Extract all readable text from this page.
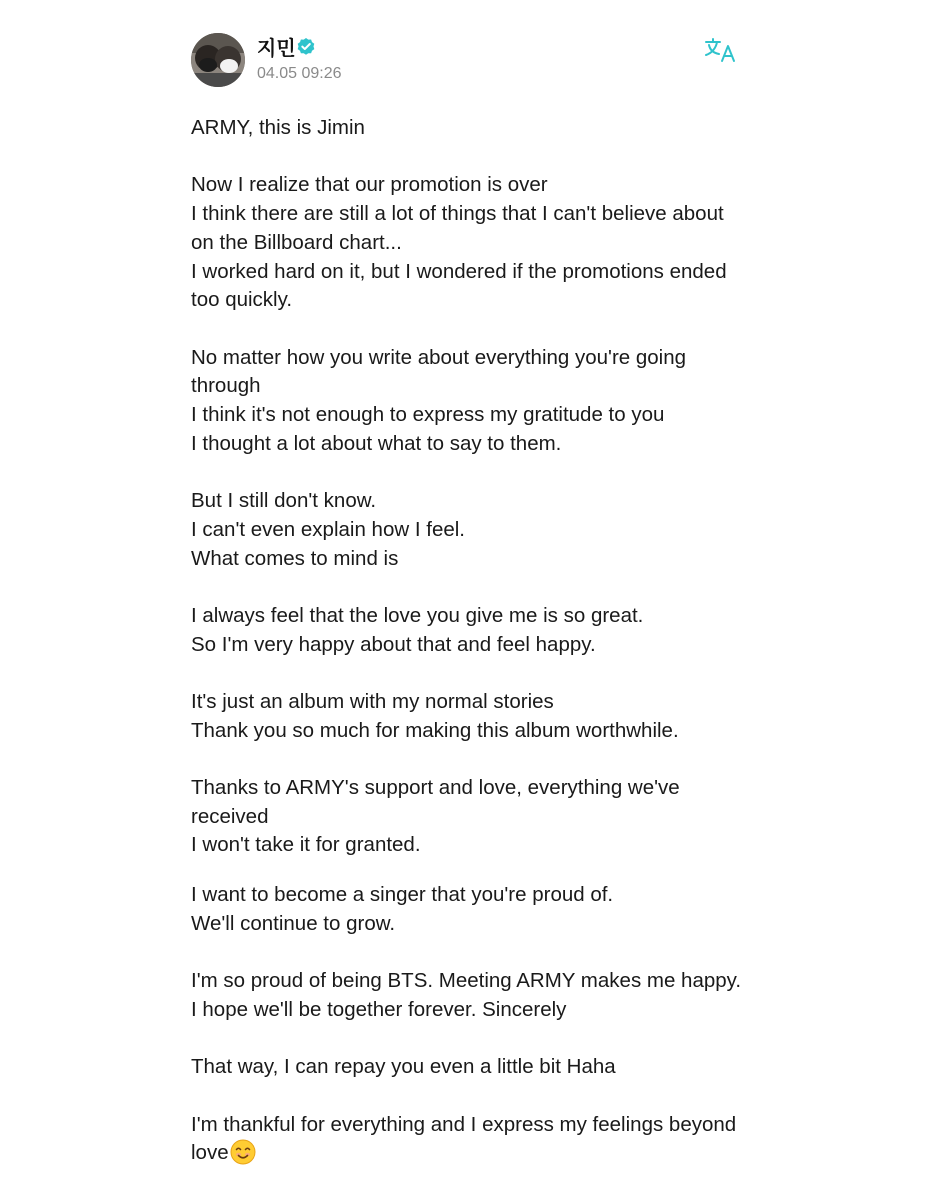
지민
04.05 09:26

ARMY, this is Jimin

Now I realize that our promotion is over
I think there are still a lot of things that I can't believe about on the Billboard chart...
I worked hard on it, but I wondered if the promotions ended too quickly.

No matter how you write about everything you're going through
I think it's not enough to express my gratitude to you
I thought a lot about what to say to them.

But I still don't know.
I can't even explain how I feel.
What comes to mind is

I always feel that the love you give me is so great.
So I'm very happy about that and feel happy.

It's just an album with my normal stories
Thank you so much for making this album worthwhile.

Thanks to ARMY's support and love, everything we've received
I won't take it for granted.

I want to become a singer that you're proud of.
We'll continue to grow.

I'm so proud of being BTS. Meeting ARMY makes me happy. I hope we'll be together forever. Sincerely

That way, I can repay you even a little bit Haha

I'm thankful for everything and I express my feelings beyond love
